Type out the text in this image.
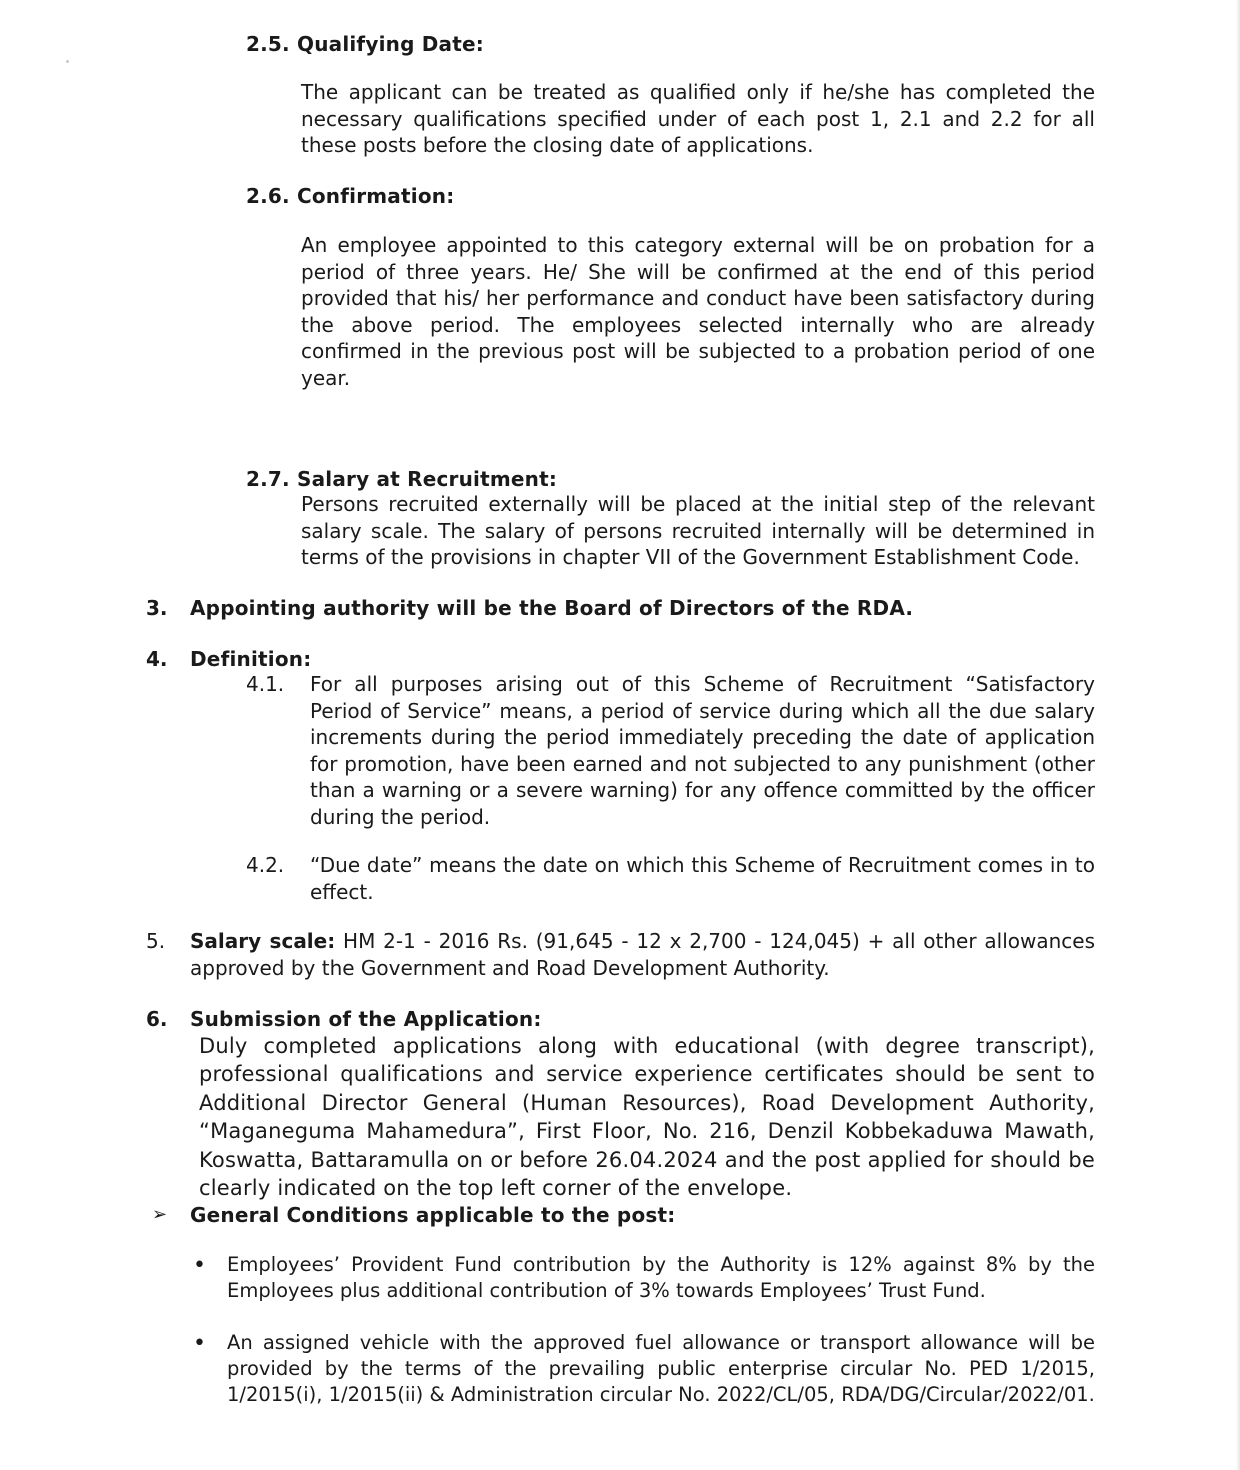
2.5. Qualifying Date:

The applicant can be treated as qualified only if he/she has completed the necessary qualifications specified under of each post 1, 2.1 and 2.2 for all these posts before the closing date of applications.

2.6. Confirmation:

An employee appointed to this category external will be on probation for a period of three years. He/ She will be confirmed at the end of this period provided that his/ her performance and conduct have been satisfactory during the above period. The employees selected internally who are already confirmed in the previous post will be subjected to a probation period of one year.

2.7. Salary at Recruitment:

Persons recruited externally will be placed at the initial step of the relevant salary scale. The salary of persons recruited internally will be determined in terms of the provisions in chapter VII of the Government Establishment Code.

3. Appointing authority will be the Board of Directors of the RDA.
4. Definition:
4.1. For all purposes arising out of this Scheme of Recruitment “Satisfactory Period of Service” means, a period of service during which all the due salary increments during the period immediately preceding the date of application for promotion, have been earned and not subjected to any punishment (other than a warning or a severe warning) for any offence committed by the officer during the period.

4.2. “Due date” means the date on which this Scheme of Recruitment comes in to effect.

5. Salary scale: HM 2-1 - 2016 Rs. (91,645 - 12 x 2,700 - 124,045) + all other allowances approved by the Government and Road Development Authority.

6. Submission of the Application:

Duly completed applications along with educational (with degree transcript), professional qualifications and service experience certificates should be sent to Additional Director General (Human Resources), Road Development Authority, “Maganeguma Mahamedura”, First Floor, No. 216, Denzil Kobbekaduwa Mawath, Koswatta, Battaramulla on or before 26.04.2024 and the post applied for should be clearly indicated on the top left corner of the envelope.

➢ General Conditions applicable to the post:
• Employees’ Provident Fund contribution by the Authority is 12% against 8% by the Employees plus additional contribution of 3% towards Employees’ Trust Fund.

• An assigned vehicle with the approved fuel allowance or transport allowance will be provided by the terms of the prevailing public enterprise circular No. PED 1/2015, 1/2015(i), 1/2015(ii) & Administration circular No. 2022/CL/05, RDA/DG/Circular/2022/01.
